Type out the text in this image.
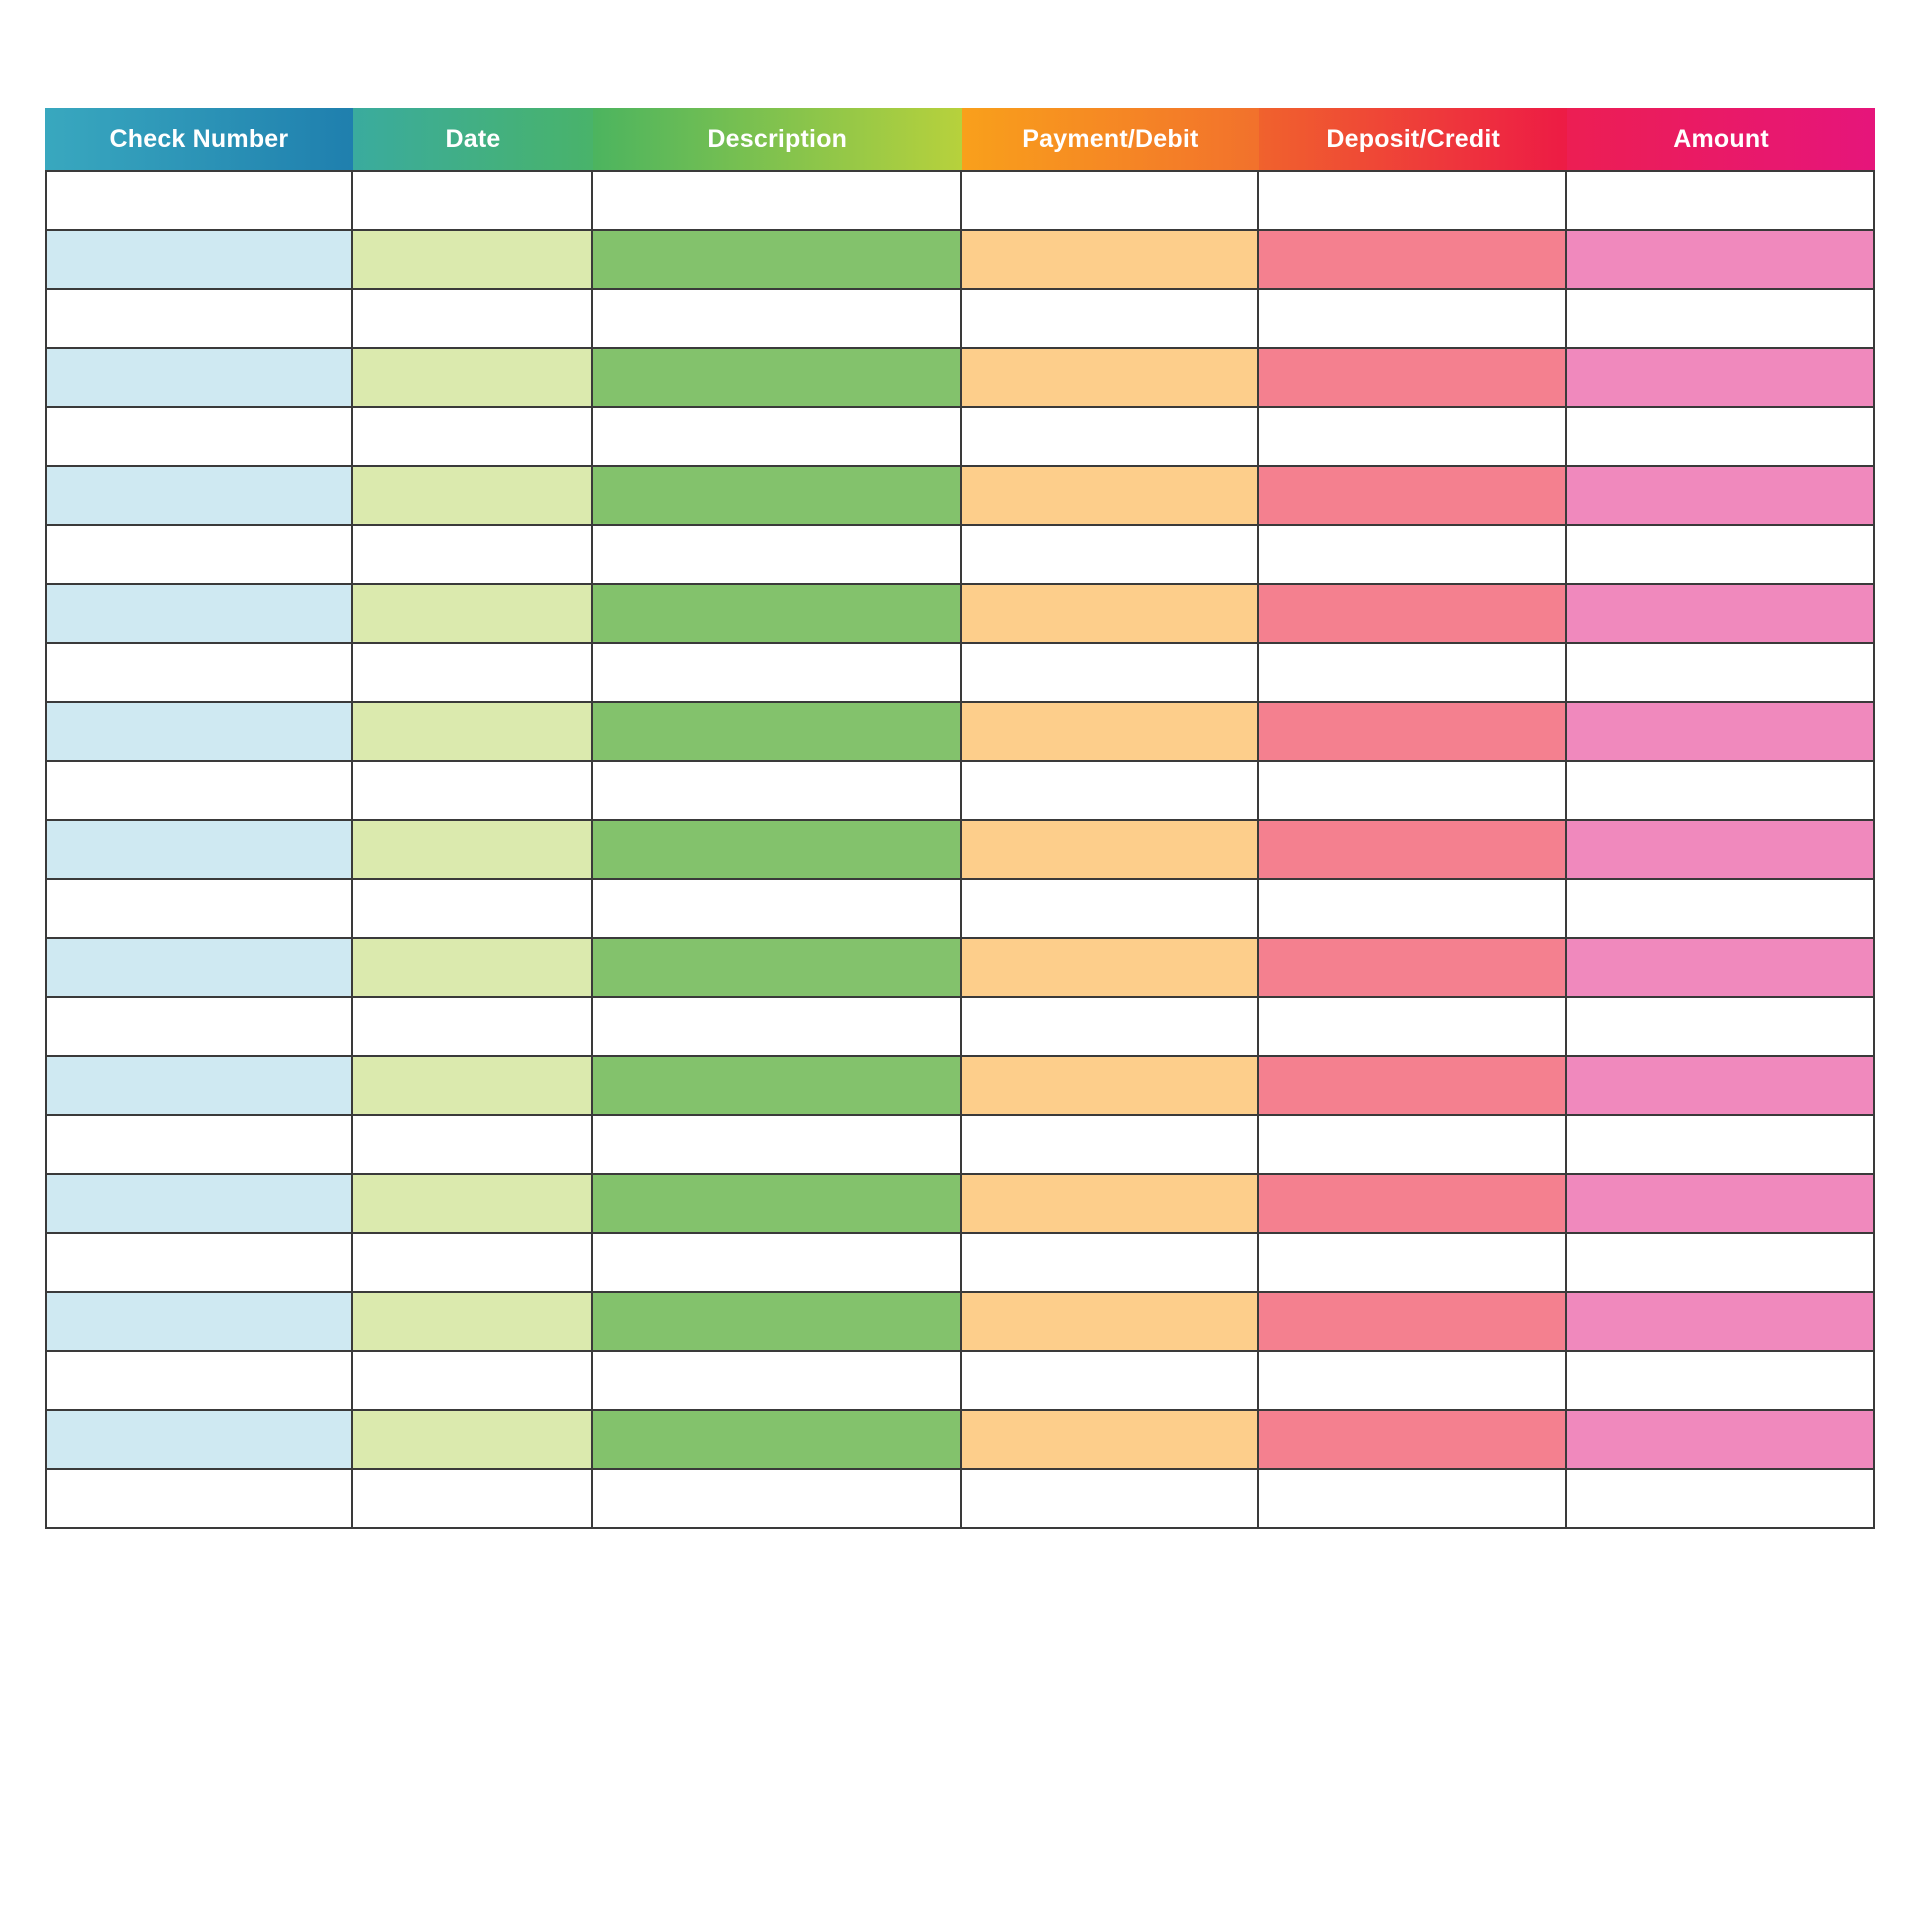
Check Number	Date	Description	Payment/Debit	Deposit/Credit	Amount
